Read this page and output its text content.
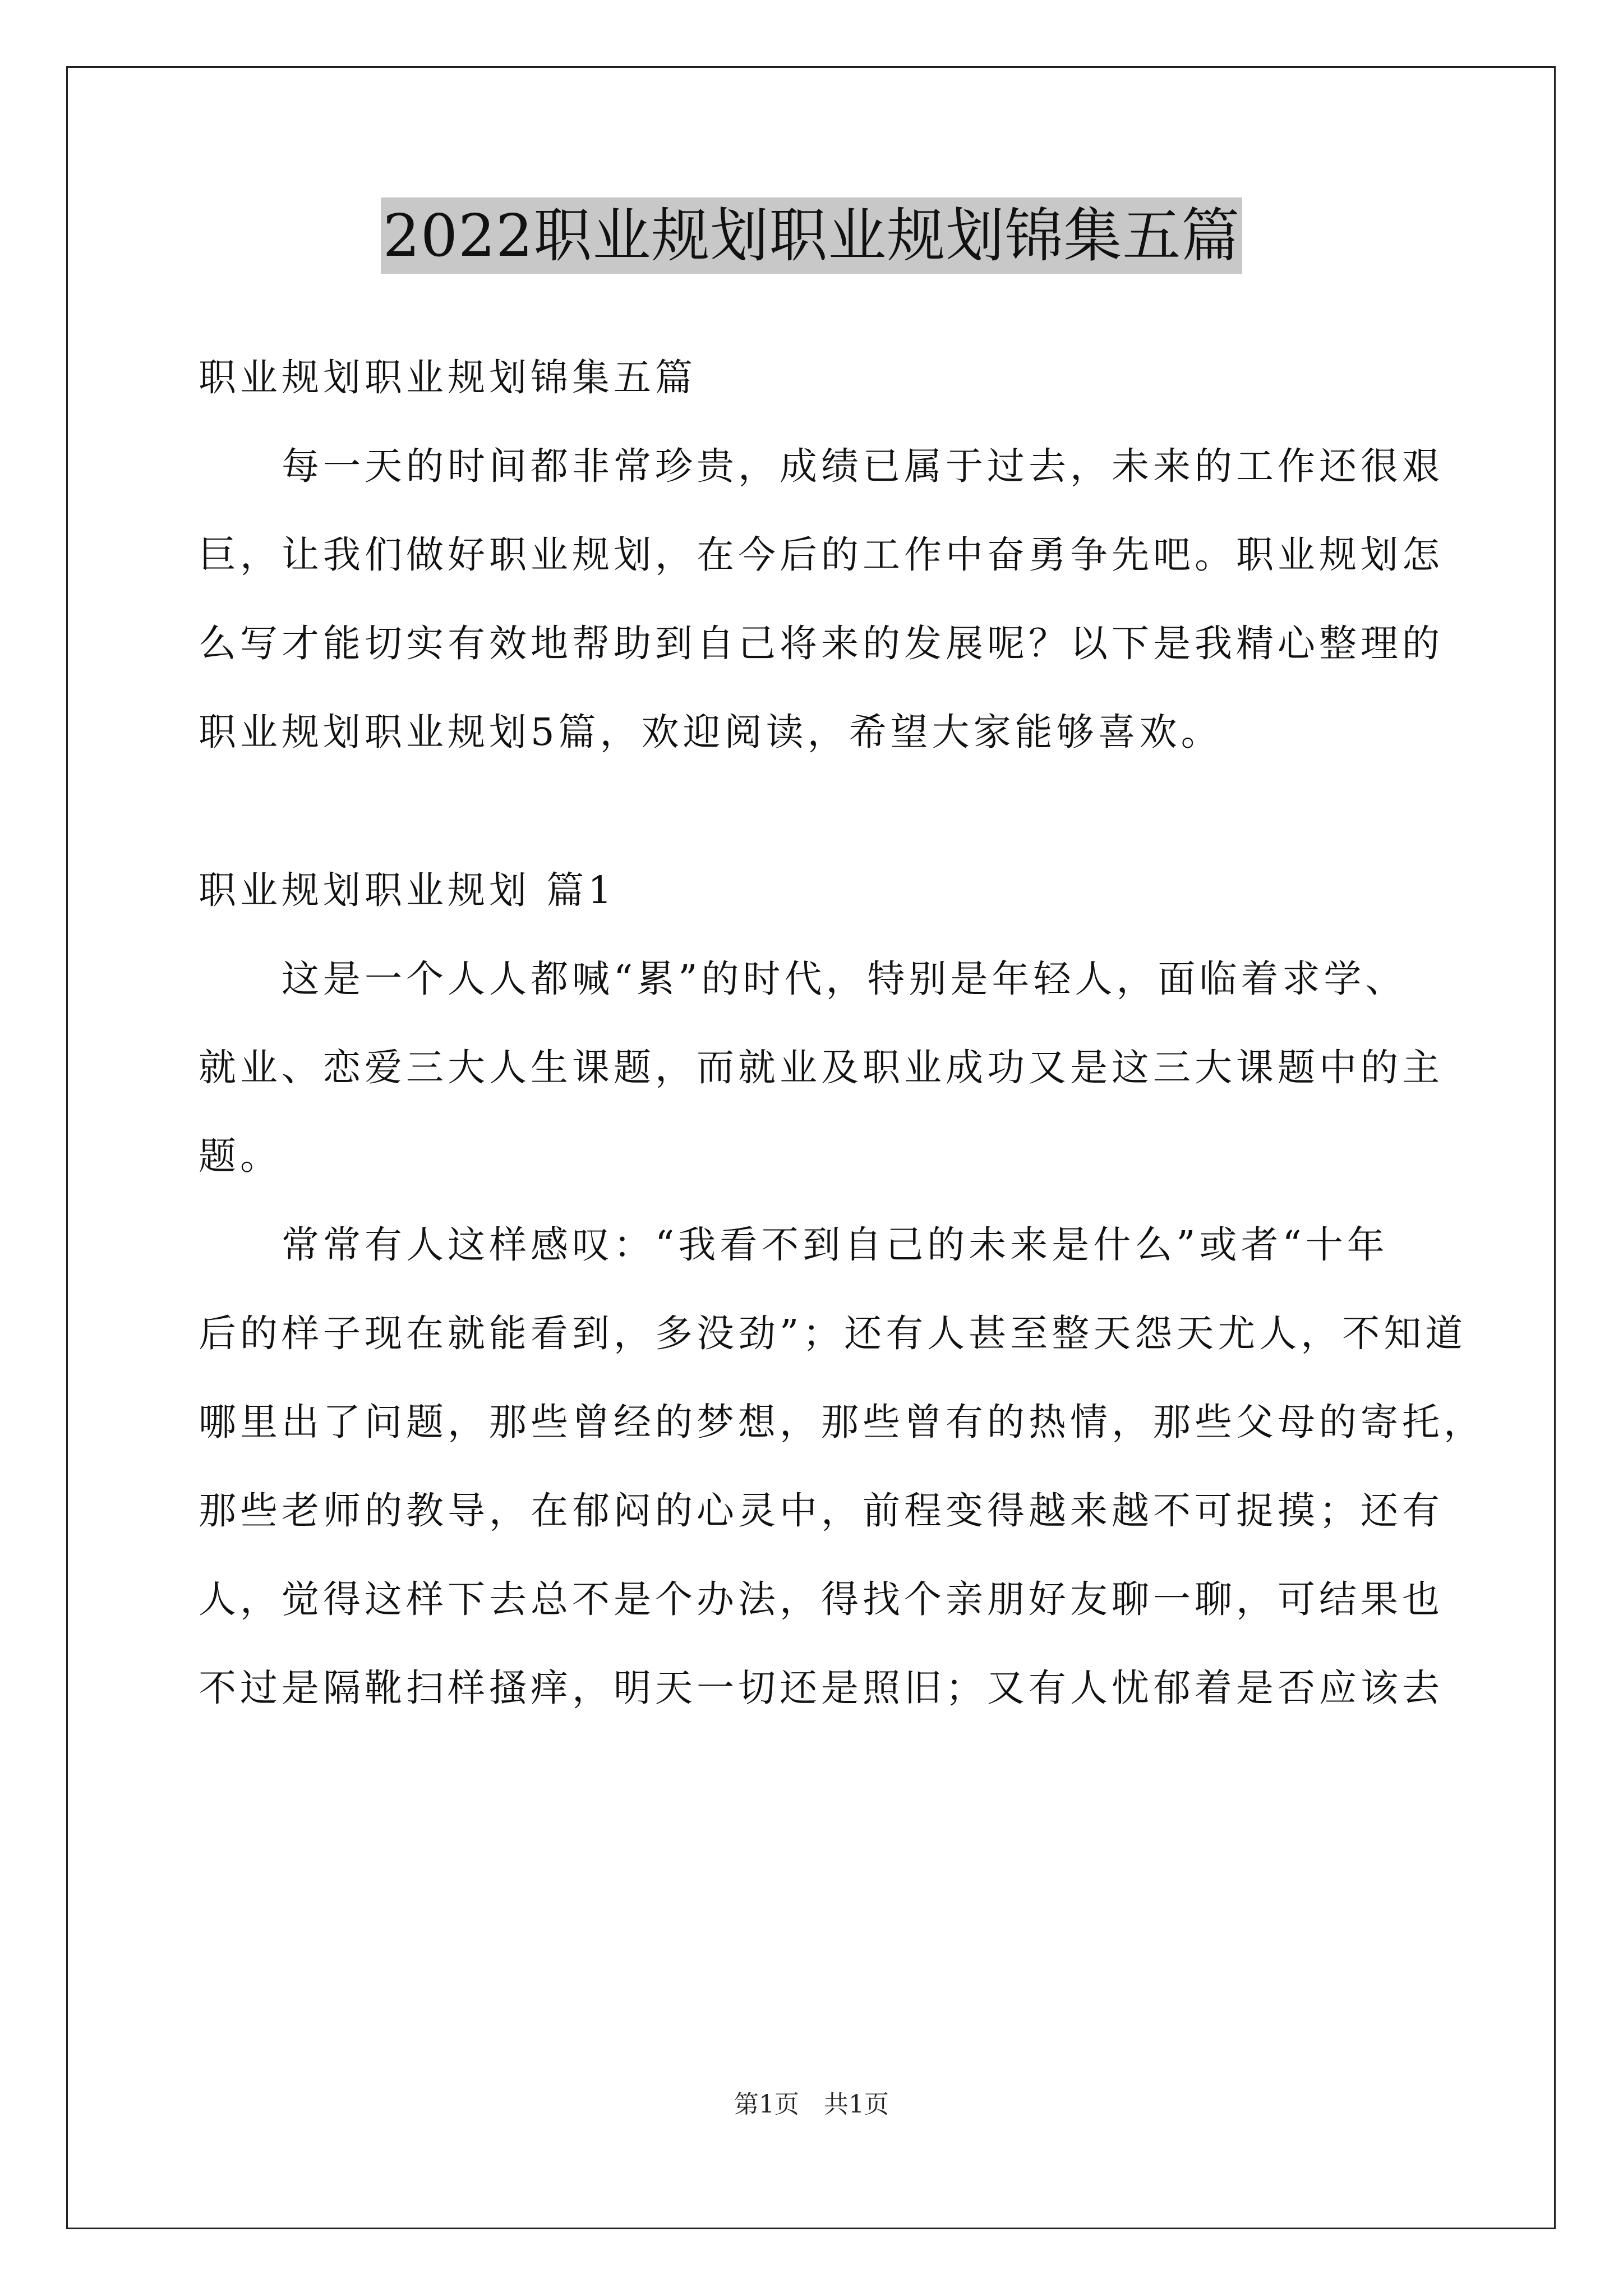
2022职业规划职业规划锦集五篇
职业规划职业规划锦集五篇
每一天的时间都非常珍贵，成绩已属于过去，未来的工作还很艰
巨，让我们做好职业规划，在今后的工作中奋勇争先吧。职业规划怎
么写才能切实有效地帮助到自己将来的发展呢？以下是我精心整理的
职业规划职业规划5篇，欢迎阅读，希望大家能够喜欢。
职业规划职业规划 篇1
这是一个人人都喊“累”的时代，特别是年轻人，面临着求学、
就业、恋爱三大人生课题，而就业及职业成功又是这三大课题中的主
题。
常常有人这样感叹：“我看不到自己的未来是什么”或者“十年
后的样子现在就能看到，多没劲”；还有人甚至整天怨天尤人，不知道
哪里出了问题，那些曾经的梦想，那些曾有的热情，那些父母的寄托，
那些老师的教导，在郁闷的心灵中，前程变得越来越不可捉摸；还有
人，觉得这样下去总不是个办法，得找个亲朋好友聊一聊，可结果也
不过是隔靴扫样搔痒，明天一切还是照旧；又有人忧郁着是否应该去
第1页　共1页
